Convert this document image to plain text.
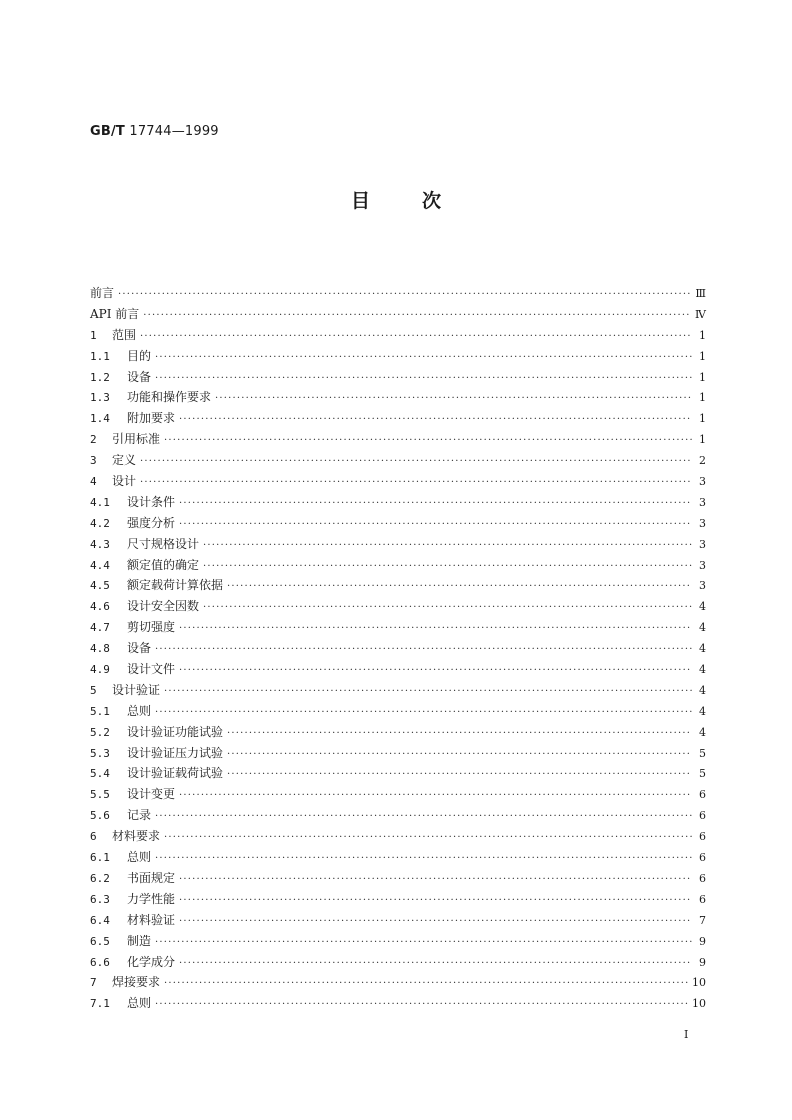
GB/T 17744—1999
目	次
前言 ·····	Ⅲ
API 前言 ·····	Ⅳ
1	范围 ·····	1
1.1	目的 ·····	1
1.2	设备 ·····	1
1.3	功能和操作要求 ·····	1
1.4	附加要求 ·····	1
2	引用标准 ·····	1
3	定义 ·····	2
4	设计 ·····	3
4.1	设计条件 ·····	3
4.2	强度分析 ·····	3
4.3	尺寸规格设计 ·····	3
4.4	额定值的确定 ·····	3
4.5	额定载荷计算依据 ·····	3
4.6	设计安全因数 ·····	4
4.7	剪切强度 ·····	4
4.8	设备 ·····	4
4.9	设计文件 ·····	4
5	设计验证 ·····	4
5.1	总则 ·····	4
5.2	设计验证功能试验 ·····	4
5.3	设计验证压力试验 ·····	5
5.4	设计验证载荷试验 ·····	5
5.5	设计变更 ·····	6
5.6	记录 ·····	6
6	材料要求 ·····	6
6.1	总则 ·····	6
6.2	书面规定 ·····	6
6.3	力学性能 ·····	6
6.4	材料验证 ·····	7
6.5	制造 ·····	9
6.6	化学成分 ·····	9
7	焊接要求 ·····	10
7.1	总则 ·····	10
I
